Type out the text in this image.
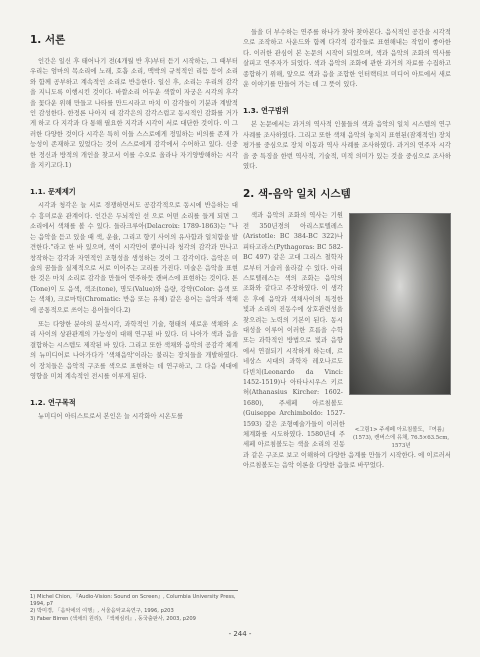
1. 서론

인간은 일신 후 태어나기 전(4개월 반 후)부터 듣기 시작하는, 그 때부터 우리는 엄마의 목소리에 노래, 호흡 소리, 맥박의 규칙적인 리듬 등이 소리와 함께 공부하고 계속적인 소리로 반응한다. 일신 후, 소리는 우리의 감각을 지니도록 이행시킨 것이다. 바깥소리 어두운 색깔이 자궁은 시각의 후각을 꽃다운 위해 만들고 나타를 만드시라고 마치 이 감각들이 기분과 계발적인 감성한다. 한정론 나아지 대 감각은의 감각스럽고 동시적인 감화를 거가게 하고 다 지각과 다 통해 필요한 지각과 시각이 서로 대단한 것이다. 이 그러한 다양한 것이다 시각은 특히 이들 스스로에게 정밀하는 비의를 존재 가능성이 존재하고 있었다는 것이 스스로에게 감각에서 수어하고 있다. 신중한 정신과 방적의 개인을 찾고서 이를 수오로 올라나 자기양방해하는 시각을 지키고다.1)

1.1. 문제제기

시각과 청각은 늘 서로 경쟁하면서도 공감각적으로 동시에 반응하는 대수 흥미로운 관계이다. 인간은 두뇌적인 선 으로 어떤 소리를 들게 되면 그 소리에서 색채를 볼 수 있다. 들라크루아(Delacroix: 1789-1863)는 "나는 음악을 듣고 있을 때 색, 운율, 그리고 향기 사이의 유사함과 일치함을 발견한다."라고 한 바 있으며, 색이 시각만이 뿐아니라 청각의 감각과 만나고 창작하는 감각과 자연적인 조형성을 생성하는 것이 그 감각이다. 음악은 미술의 꿈들을 실제적으로 서로 이어주는 고리를 가진다. 미술은 음악을 표현한 것은 마치 소리로 감각을 만들어 연주하듯 캔버스에 표현하는 것이다. 톤(Tone)이 도 음색, 색조(tone), 명도(Value)와 음량, 강약(Color: 음색 또는 색채), 크로마틱(Chromatic: 반음 또는 유채) 같은 용어는 음악과 색채에 공통적으로 쓰이는 용어들이다.2)

또는 다양한 분야의 분석시각, 과학적인 기술, 형태의 새로운 색채와 소리 사이의 상관관계의 가능성이 대해 연구된 바 있다. 더 나아가 색과 음을 결합하는 시스템도 제작된 바 있다. 그리고 또한 색채와 음악의 공감각 체계의 뉴미디어로 나아가다가 '색채음악'이라는 불리는 장치들을 개발하였다. 이 장치들은 음악적 구조를 색으로 표현하는 데 연구하고, 그 다음 세대에 영향을 미쳐 계속적인 전시를 이루게 된다.

1.2. 연구목적

뉴미디어 아티스트로서 본인은 늘 시각화아 시온도를

1) Michel Chion, 『Audio-Vision: Sound on Screen』, Columbia University Press, 1994, p7
2) 박미경, 「음악에의 여행」, 서울음악교육연구, 1996, p203
3) Faber Birren (색채의 원리), 『색채심리』, 동국출판사, 2003, p209

들을 더 부수하는 연주를 하나가 찾아 찾아본다. 음식적인 공간을 시각적으로 조작하고 사운드와 함께 다각적 감각들로 표현해내는 작업이 좋아한다. 이러한 관심이 본 논문의 시작이 되었으며, 색과 음악의 조화의 역사를 살피고 연주자가 되었다. 색과 음악의 조화에 관한 과거의 자료를 수집하고 종합하기 위해, 앞으로 색과 음을 조합한 인터랙티브 미디어 아트에서 새로운 이야기를 만들어 가는 데 그 뜻이 있다.

1.3. 연구범위

본 논문에서는 과거의 역사적 인물들의 색과 음악의 일치 시스템의 연구 사례를 조사하였다. 그리고 또한 색채 음악의 놓치지 표현된(잠재적인) 장치 평가를 중심으로 장치 이동과 역사 사례를 조사하였다. 과거의 연주자 시각을 중 특징을 한번 역사적, 기술적, 미적 의미가 있는 것을 중심으로 조사하였다.

2. 색-음악 일치 시스템
<그림1> 주세페 아르침볼도, 『여름』(1573), 캔버스에 유채, 76.5×63.5cm, 1573년

색과 음악의 조화의 역사는 기원 전 350년경의 아리스토텔레스(Aristotle: BC 384-BC 322)나 피타고라스(Pythagoras: BC 582-BC 497) 같은 고대 그리스 철학자로부터 거슬러 올라갈 수 있다. 아리스토텔레스는 색의 조화는 음악의 조화와 같다고 주장하였다. 이 생각은 후에 음악과 색채사이의 특정한 빛과 소리의 진동수에 상호관련성을 찾으려는 노력의 기본이 된다. 동시대성을 이루어 이러한 흐름을 수학 또는 과학적인 방법으로 빛과 음향에서 연결되기 시작하게 하는데, 르네상스 시대의 과학자 레오나르도 다빈치(Leonardo da Vinci: 1452-1519)나 아타나시우스 키르허(Athanasius Kircher: 1602-1680), 주세페 아르침볼도(Guiseppe Archimboldo: 1527-1593) 같은 조형예술가들이 이러한 체계화를 시도하였다. 1580년대 주세페 아르침볼도는 색을 소리의 진동과 같은 구조로 보고 이해하여 다양한 음계를 만들기 시작한다. 에 이르러서 아르침볼도는 음악 이론을 다양한 음들로 바꾸었다.

- 244 -
